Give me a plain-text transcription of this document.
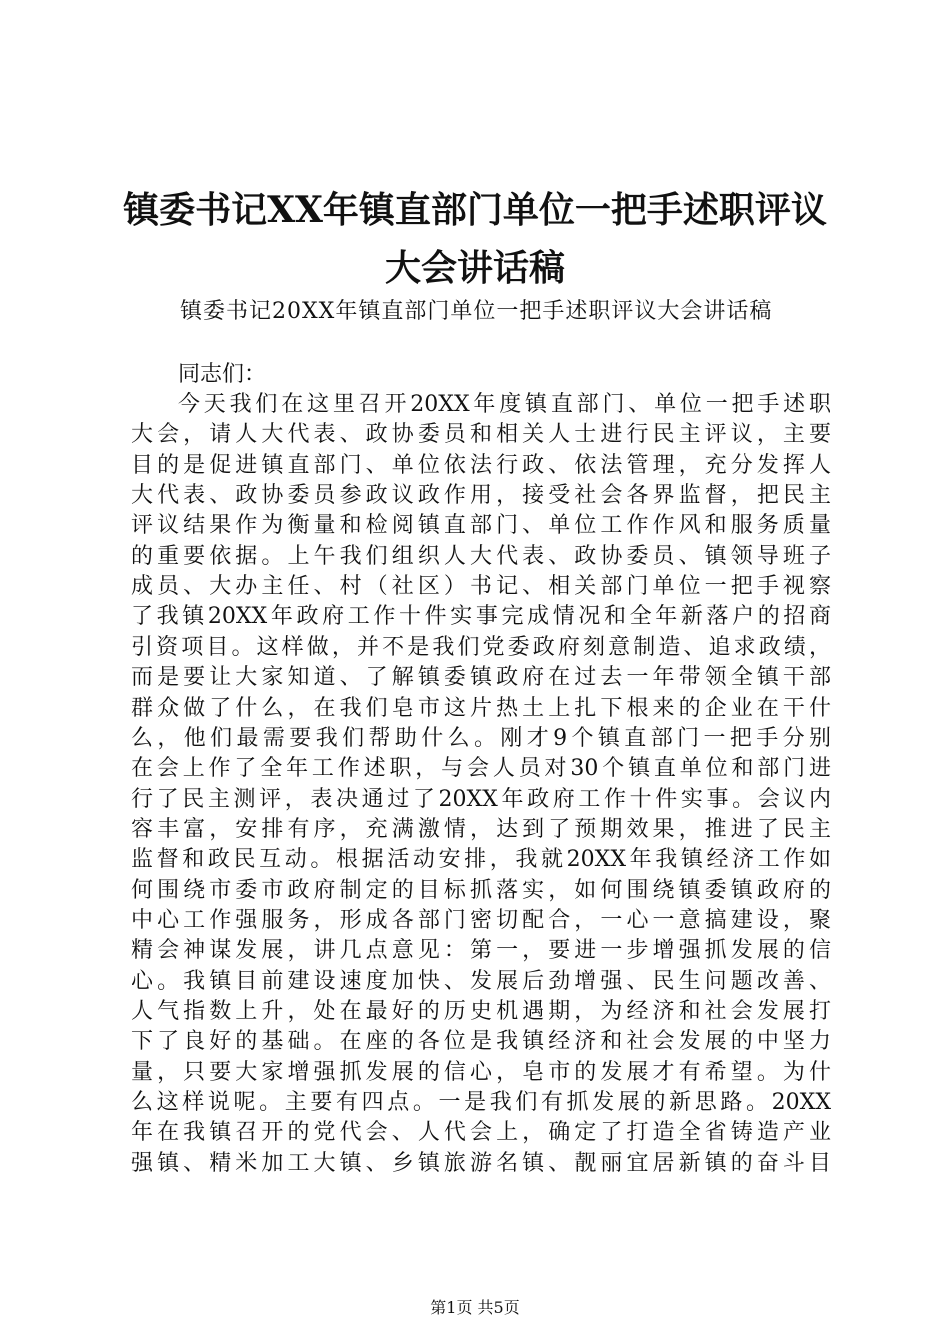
镇委书记XX年镇直部门单位一把手述职评议
大会讲话稿
镇委书记20XX年镇直部门单位一把手述职评议大会讲话稿
同志们：
今天我们在这里召开20XX年度镇直部门、单位一把手述职
大会，请人大代表、政协委员和相关人士进行民主评议，主要
目的是促进镇直部门、单位依法行政、依法管理，充分发挥人
大代表、政协委员参政议政作用，接受社会各界监督，把民主
评议结果作为衡量和检阅镇直部门、单位工作作风和服务质量
的重要依据。上午我们组织人大代表、政协委员、镇领导班子
成员、大办主任、村（社区）书记、相关部门单位一把手视察
了我镇20XX年政府工作十件实事完成情况和全年新落户的招商
引资项目。这样做，并不是我们党委政府刻意制造、追求政绩，
而是要让大家知道、了解镇委镇政府在过去一年带领全镇干部
群众做了什么，在我们皂市这片热土上扎下根来的企业在干什
么，他们最需要我们帮助什么。刚才9个镇直部门一把手分别
在会上作了全年工作述职，与会人员对30个镇直单位和部门进
行了民主测评，表决通过了20XX年政府工作十件实事。会议内
容丰富，安排有序，充满激情，达到了预期效果，推进了民主
监督和政民互动。根据活动安排，我就20XX年我镇经济工作如
何围绕市委市政府制定的目标抓落实，如何围绕镇委镇政府的
中心工作强服务，形成各部门密切配合，一心一意搞建设，聚
精会神谋发展，讲几点意见：第一，要进一步增强抓发展的信
心。我镇目前建设速度加快、发展后劲增强、民生问题改善、
人气指数上升，处在最好的历史机遇期，为经济和社会发展打
下了良好的基础。在座的各位是我镇经济和社会发展的中坚力
量，只要大家增强抓发展的信心，皂市的发展才有希望。为什
么这样说呢。主要有四点。一是我们有抓发展的新思路。20XX
年在我镇召开的党代会、人代会上，确定了打造全省铸造产业
强镇、精米加工大镇、乡镇旅游名镇、靓丽宜居新镇的奋斗目
第1页 共5页
